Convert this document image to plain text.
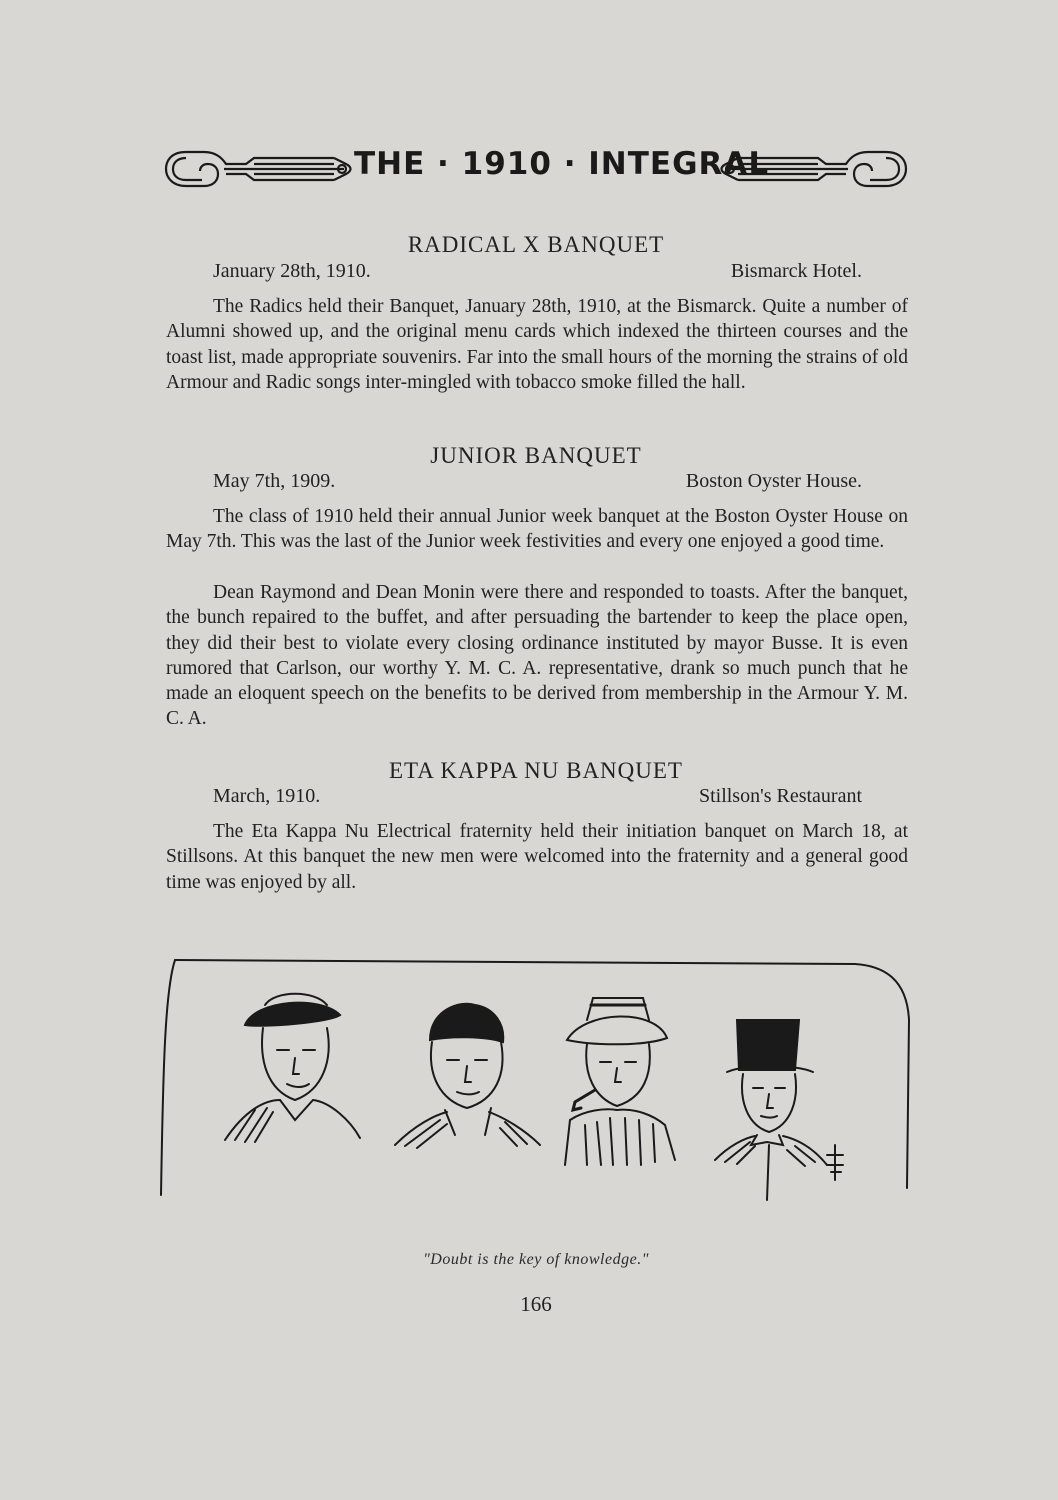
THE · 1910 · INTEGRAL
RADICAL X BANQUET
January 28th, 1910.	Bismarck Hotel.

The Radics held their Banquet, January 28th, 1910, at the Bismarck. Quite a number of Alumni showed up, and the original menu cards which indexed the thirteen courses and the toast list, made appropriate souvenirs. Far into the small hours of the morning the strains of old Armour and Radic songs inter-mingled with tobacco smoke filled the hall.

JUNIOR BANQUET
May 7th, 1909.	Boston Oyster House.

The class of 1910 held their annual Junior week banquet at the Boston Oyster House on May 7th. This was the last of the Junior week festivities and every one enjoyed a good time.

Dean Raymond and Dean Monin were there and responded to toasts. After the banquet, the bunch repaired to the buffet, and after persuading the bartender to keep the place open, they did their best to violate every closing ordinance instituted by mayor Busse. It is even rumored that Carlson, our worthy Y. M. C. A. representative, drank so much punch that he made an eloquent speech on the benefits to be derived from membership in the Armour Y. M. C. A.

ETA KAPPA NU BANQUET
March, 1910.	Stillson's Restaurant

The Eta Kappa Nu Electrical fraternity held their initiation banquet on March 18, at Stillsons. At this banquet the new men were welcomed into the fraternity and a general good time was enjoyed by all.

"Doubt is the key of knowledge."
166
